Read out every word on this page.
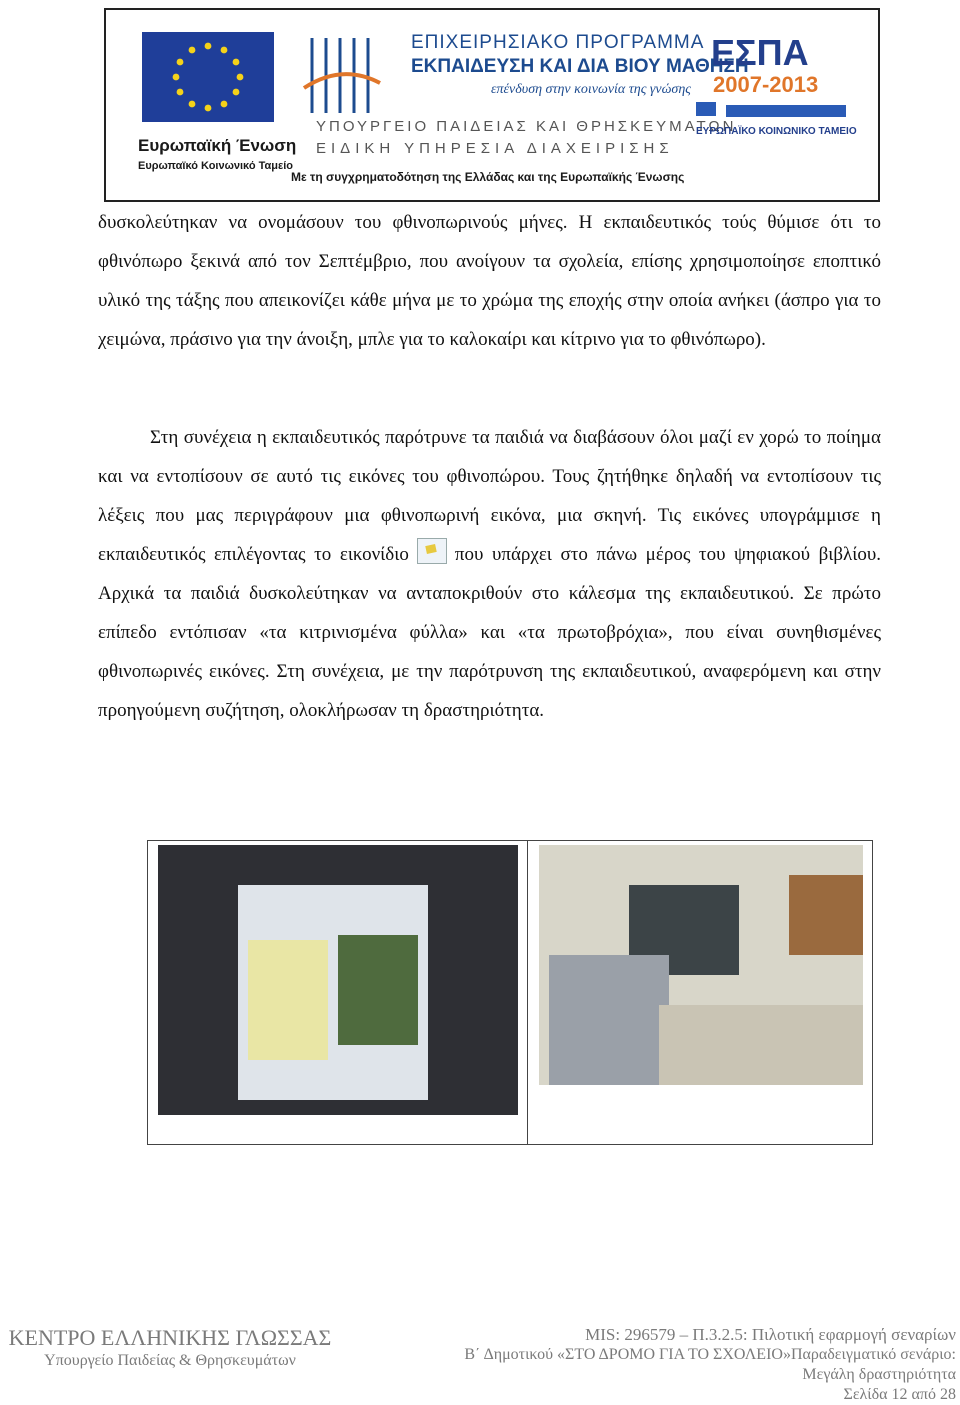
Ευρωπαϊκή Ένωση
Ευρωπαϊκό Κοινωνικό Ταμείο
ΕΠΙΧΕΙΡΗΣΙΑΚΟ ΠΡΟΓΡΑΜΜΑ
ΕΚΠΑΙΔΕΥΣΗ ΚΑΙ ΔΙΑ ΒΙΟΥ ΜΑΘΗΣΗ
επένδυση στην κοινωνία της γνώσης
ΥΠΟΥΡΓΕΙΟ ΠΑΙΔΕΙΑΣ ΚΑΙ ΘΡΗΣΚΕΥΜΑΤΩΝ
ΕΙΔΙΚΗ ΥΠΗΡΕΣΙΑ ΔΙΑΧΕΙΡΙΣΗΣ
Με τη συγχρηματοδότηση της Ελλάδας και της Ευρωπαϊκής Ένωσης
ΕΣΠΑ
2007-2013
ΕΥΡΩΠΑΪΚΟ ΚΟΙΝΩΝΙΚΟ ΤΑΜΕΙΟ
δυσκολεύτηκαν να ονομάσουν του φθινοπωρινούς μήνες. Η εκπαιδευτικός τούς θύμισε ότι το φθινόπωρο ξεκινά από τον Σεπτέμβριο, που ανοίγουν τα σχολεία, επίσης χρησιμοποίησε εποπτικό υλικό της τάξης που απεικονίζει κάθε μήνα με το χρώμα της εποχής στην οποία ανήκει (άσπρο για το χειμώνα, πράσινο για την άνοιξη, μπλε για το καλοκαίρι και κίτρινο για το φθινόπωρο).
Στη συνέχεια η εκπαιδευτικός παρότρυνε τα παιδιά να διαβάσουν όλοι μαζί εν χορώ το ποίημα και να εντοπίσουν σε αυτό τις εικόνες του φθινοπώρου. Τους ζητήθηκε δηλαδή να εντοπίσουν τις λέξεις που μας περιγράφουν μια φθινοπωρινή εικόνα, μια σκηνή. Τις εικόνες υπογράμμισε η εκπαιδευτικός επιλέγοντας το εικονίδιο που υπάρχει στο πάνω μέρος του ψηφιακού βιβλίου. Αρχικά τα παιδιά δυσκολεύτηκαν να ανταποκριθούν στο κάλεσμα της εκπαιδευτικού. Σε πρώτο επίπεδο εντόπισαν «τα κιτρινισμένα φύλλα» και «τα πρωτοβρόχια», που είναι συνηθισμένες φθινοπωρινές εικόνες. Στη συνέχεια, με την παρότρυνση της εκπαιδευτικού, αναφερόμενη και στην προηγούμενη συζήτηση, ολοκλήρωσαν τη δραστηριότητα.
ΚΕΝΤΡΟ ΕΛΛΗΝΙΚΗΣ ΓΛΩΣΣΑΣ
Υπουργείο Παιδείας & Θρησκευμάτων
MIS: 296579 – Π.3.2.5: Πιλοτική εφαρμογή σεναρίων
Β΄ Δημοτικού «ΣΤΟ ΔΡΟΜΟ ΓΙΑ ΤΟ ΣΧΟΛΕΙΟ»Παραδειγματικό σενάριο:
Μεγάλη δραστηριότητα
Σελίδα 12 από 28
